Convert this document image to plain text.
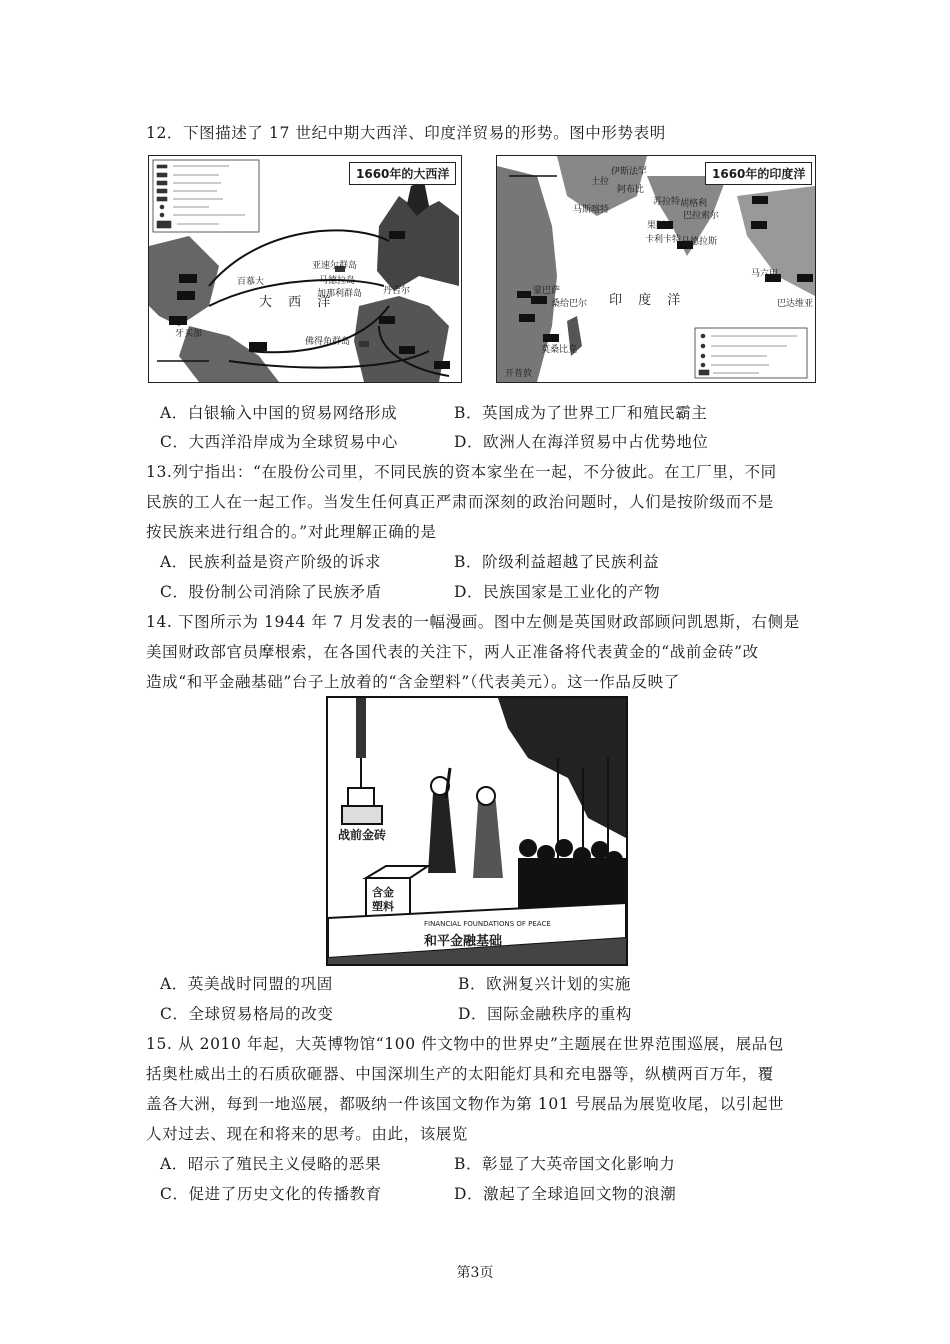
12．下图描述了 17 世纪中期大西洋、印度洋贸易的形势。图中形势表明
1660年的大西洋
大 西 洋
百慕大
亚速尔群岛
马德拉岛
加那利群岛 丹吉尔
佛得角群岛
牙买加
1660年的印度洋
印 度 洋
伊斯法罕
士拉
阿布比
马斯喀特
苏拉特 胡格利
巴拉索尔
果阿
卡利卡特 马德拉斯
蒙巴萨
桑给巴尔
莫桑比克
开普敦
马六甲
巴达维亚
A．白银输入中国的贸易网络形成	B．英国成为了世界工厂和殖民霸主
C．大西洋沿岸成为全球贸易中心	D．欧洲人在海洋贸易中占优势地位
13.列宁指出：“在股份公司里，不同民族的资本家坐在一起，不分彼此。在工厂里，不同
民族的工人在一起工作。当发生任何真正严肃而深刻的政治问题时，人们是按阶级而不是
按民族来进行组合的。”对此理解正确的是
A．民族利益是资产阶级的诉求	B．阶级利益超越了民族利益
C．股份制公司消除了民族矛盾	D．民族国家是工业化的产物
14. 下图所示为 1944 年 7 月发表的一幅漫画。图中左侧是英国财政部顾问凯恩斯，右侧是
美国财政部官员摩根索，在各国代表的关注下，两人正准备将代表黄金的“战前金砖”改
造成“和平金融基础”台子上放着的“含金塑料”（代表美元）。这一作品反映了
战前金砖
含金
塑料
FINANCIAL FOUNDATIONS OF PEACE
和平金融基础
A．英美战时同盟的巩固	B．欧洲复兴计划的实施
C．全球贸易格局的改变	D．国际金融秩序的重构
15. 从 2010 年起，大英博物馆“100 件文物中的世界史”主题展在世界范围巡展，展品包
括奥杜威出土的石质砍砸器、中国深圳生产的太阳能灯具和充电器等，纵横两百万年，覆
盖各大洲，每到一地巡展，都吸纳一件该国文物作为第 101 号展品为展览收尾，以引起世
人对过去、现在和将来的思考。由此，该展览
A．昭示了殖民主义侵略的恶果	B．彰显了大英帝国文化影响力
C．促进了历史文化的传播教育	D．激起了全球追回文物的浪潮
第3页
